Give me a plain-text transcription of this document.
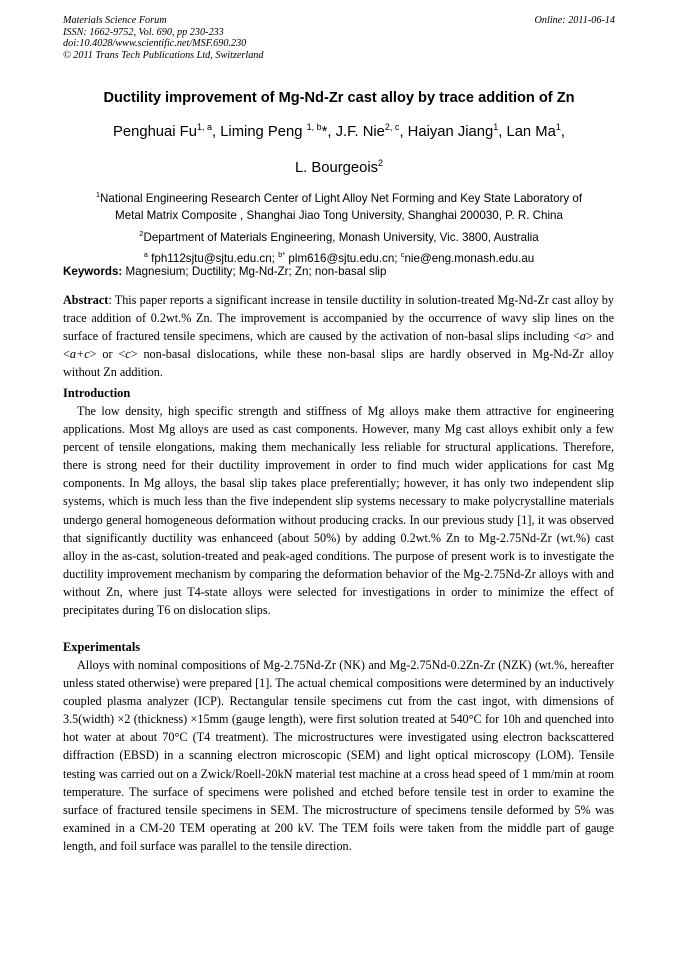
Materials Science Forum
ISSN: 1662-9752, Vol. 690, pp 230-233
doi:10.4028/www.scientific.net/MSF.690.230
© 2011 Trans Tech Publications Ltd, Switzerland
Online: 2011-06-14
Ductility improvement of Mg-Nd-Zr cast alloy by trace addition of Zn
Penghuai Fu$^{1, a}$, Liming Peng $^{1, b}$*, J.F. Nie$^{2, c}$, Haiyan Jiang$^1$, Lan Ma$^1$,
L. Bourgeois$^2$
$^1$National Engineering Research Center of Light Alloy Net Forming and Key State Laboratory of
Metal Matrix Composite , Shanghai Jiao Tong University, Shanghai 200030, P. R. China
$^2$Department of Materials Engineering, Monash University, Vic. 3800, Australia
$^a$ fph112sjtu@sjtu.edu.cn; $^{b*}$ plm616@sjtu.edu.cn; $^c$nie@eng.monash.edu.au
Keywords: Magnesium; Ductility; Mg-Nd-Zr; Zn; non-basal slip
Abstract: This paper reports a significant increase in tensile ductility in solution-treated Mg-Nd-Zr cast alloy by trace addition of 0.2wt.% Zn. The improvement is accompanied by the occurrence of wavy slip lines on the surface of fractured tensile specimens, which are caused by the activation of non-basal slips including <a> and <a+c> or <c> non-basal dislocations, while these non-basal slips are hardly observed in Mg-Nd-Zr alloy without Zn addition.
Introduction
The low density, high specific strength and stiffness of Mg alloys make them attractive for engineering applications. Most Mg alloys are used as cast components. However, many Mg cast alloys exhibit only a few percent of tensile elongations, making them mechanically less reliable for structural applications. Therefore, there is strong need for their ductility improvement in order to find much wider applications for cast Mg components. In Mg alloys, the basal slip takes place preferentially; however, it has only two independent slip systems, which is much less than the five independent slip systems necessary to make polycrystalline materials undergo general homogeneous deformation without producing cracks. In our previous study [1], it was observed that significantly ductility was enhanceed (about 50%) by adding 0.2wt.% Zn to Mg-2.75Nd-Zr (wt.%) cast alloy in the as-cast, solution-treated and peak-aged conditions. The purpose of present work is to investigate the ductility improvement mechanism by comparing the deformation behavior of the Mg-2.75Nd-Zr alloys with and without Zn, where just T4-state alloys were selected for investigations in order to minimize the effect of precipitates during T6 on dislocation slips.
Experimentals
Alloys with nominal compositions of Mg-2.75Nd-Zr (NK) and Mg-2.75Nd-0.2Zn-Zr (NZK) (wt.%, hereafter unless stated otherwise) were prepared [1]. The actual chemical compositions were determined by an inductively coupled plasma analyzer (ICP). Rectangular tensile specimens cut from the cast ingot, with dimensions of 3.5(width) ×2 (thickness) ×15mm (gauge length), were first solution treated at 540°C for 10h and quenched into hot water at about 70°C (T4 treatment). The microstructures were investigated using electron backscattered diffraction (EBSD) in a scanning electron microscopic (SEM) and light optical microscopy (LOM). Tensile testing was carried out on a Zwick/Roell-20kN material test machine at a cross head speed of 1 mm/min at room temperature. The surface of specimens were polished and etched before tensile test in order to examine the surface of fractured tensile specimens in SEM. The microstructure of specimens tensile deformed by 5% was examined in a CM-20 TEM operating at 200 kV. The TEM foils were taken from the middle part of gauge length, and foil surface was parallel to the tensile direction.
